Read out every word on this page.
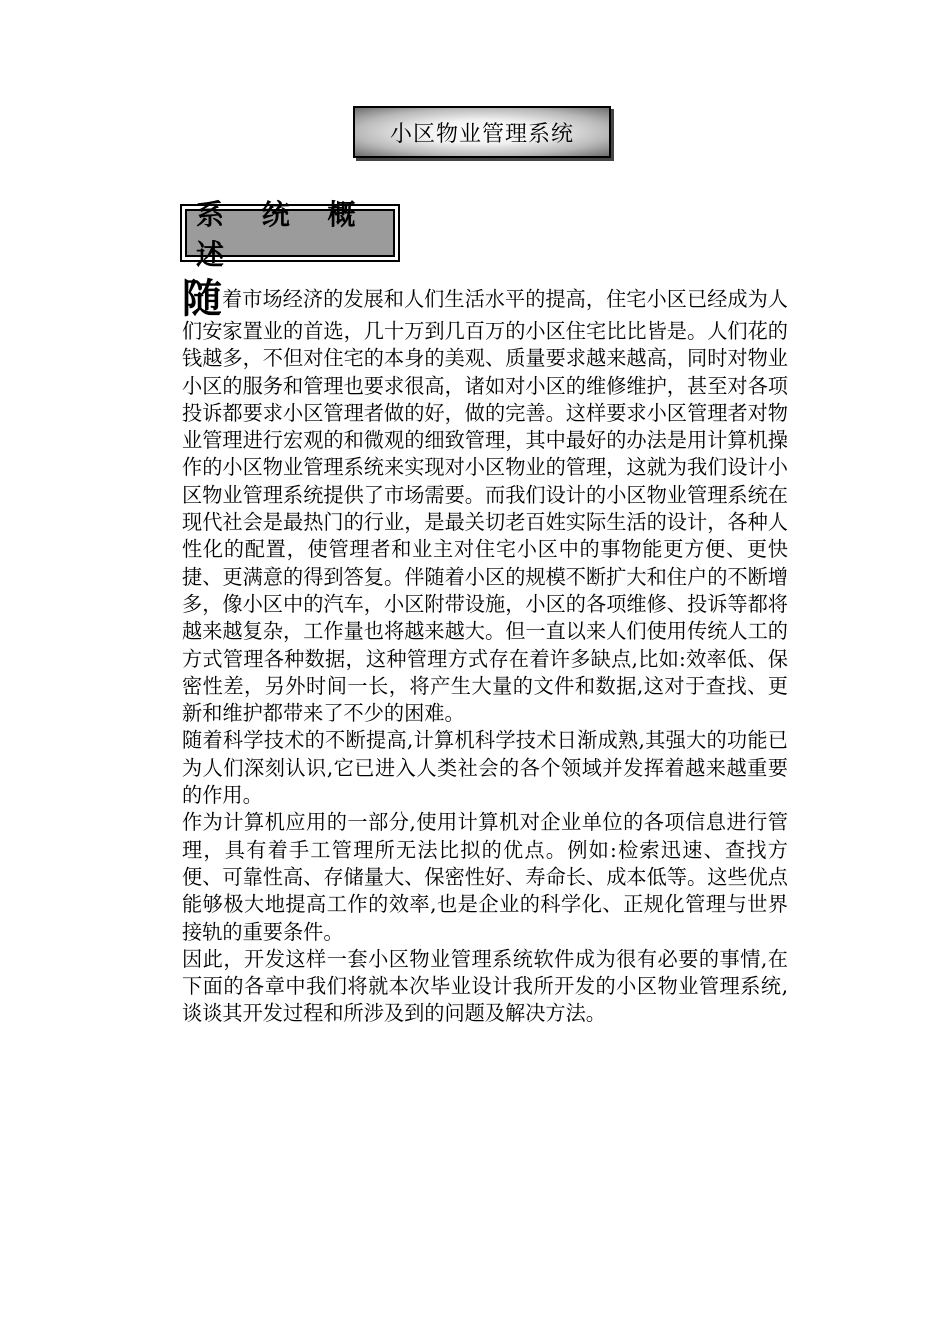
小区物业管理系统
系 统 概 述

随着市场经济的发展和人们生活水平的提高，住宅小区已经成为人们安家置业的首选，几十万到几百万的小区住宅比比皆是。人们花的钱越多，不但对住宅的本身的美观、质量要求越来越高，同时对物业小区的服务和管理也要求很高，诸如对小区的维修维护，甚至对各项投诉都要求小区管理者做的好，做的完善。这样要求小区管理者对物业管理进行宏观的和微观的细致管理，其中最好的办法是用计算机操作的小区物业管理系统来实现对小区物业的管理，这就为我们设计小区物业管理系统提供了市场需要。而我们设计的小区物业管理系统在现代社会是最热门的行业，是最关切老百姓实际生活的设计，各种人性化的配置，使管理者和业主对住宅小区中的事物能更方便、更快捷、更满意的得到答复。伴随着小区的规模不断扩大和住户的不断增多，像小区中的汽车，小区附带设施，小区的各项维修、投诉等都将越来越复杂，工作量也将越来越大。但一直以来人们使用传统人工的方式管理各种数据，这种管理方式存在着许多缺点,比如:效率低、保密性差，另外时间一长，将产生大量的文件和数据,这对于查找、更新和维护都带来了不少的困难。

随着科学技术的不断提高,计算机科学技术日渐成熟,其强大的功能已为人们深刻认识,它已进入人类社会的各个领域并发挥着越来越重要的作用。

作为计算机应用的一部分,使用计算机对企业单位的各项信息进行管理，具有着手工管理所无法比拟的优点。例如:检索迅速、查找方便、可靠性高、存储量大、保密性好、寿命长、成本低等。这些优点能够极大地提高工作的效率,也是企业的科学化、正规化管理与世界接轨的重要条件。

因此，开发这样一套小区物业管理系统软件成为很有必要的事情,在下面的各章中我们将就本次毕业设计我所开发的小区物业管理系统,谈谈其开发过程和所涉及到的问题及解决方法。
